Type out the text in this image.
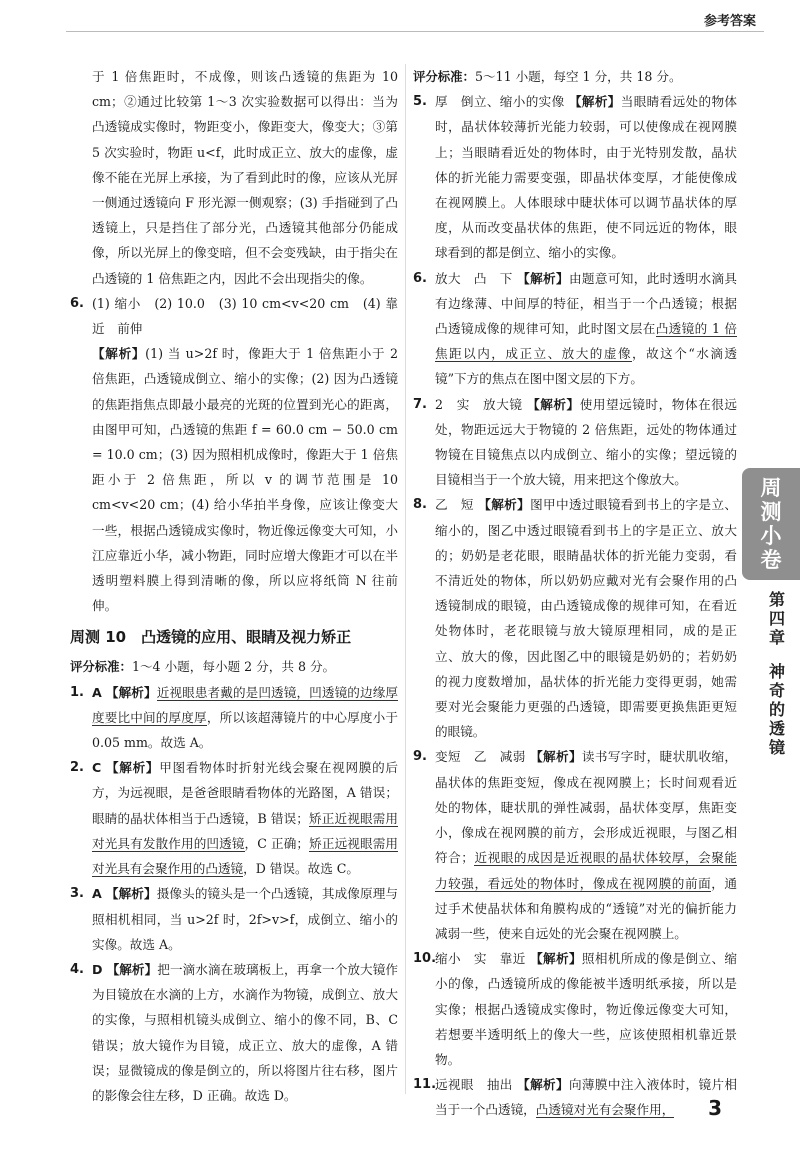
参考答案

于 1 倍焦距时，不成像，则该凸透镜的焦距为 10 cm；②通过比较第 1～3 次实验数据可以得出：当为凸透镜成实像时，物距变小，像距变大，像变大；③第 5 次实验时，物距 u<f，此时成正立、放大的虚像，虚像不能在光屏上承接，为了看到此时的像，应该从光屏一侧通过透镜向 F 形光源一侧观察；(3) 手指碰到了凸透镜上，只是挡住了部分光，凸透镜其他部分仍能成像，所以光屏上的像变暗，但不会变残缺，由于指尖在凸透镜的 1 倍焦距之内，因此不会出现指尖的像。

6. (1) 缩小　(2) 10.0　(3) 10 cm<v<20 cm　(4) 靠近　前伸
【解析】(1) 当 u>2f 时，像距大于 1 倍焦距小于 2 倍焦距，凸透镜成倒立、缩小的实像；(2) 因为凸透镜的焦距指焦点即最小最亮的光斑的位置到光心的距离，由图甲可知，凸透镜的焦距 f = 60.0 cm − 50.0 cm = 10.0 cm；(3) 因为照相机成像时，像距大于 1 倍焦距小于 2 倍焦距，所以 v 的调节范围是 10 cm<v<20 cm；(4) 给小华拍半身像，应该让像变大一些，根据凸透镜成实像时，物近像远像变大可知，小江应靠近小华，减小物距，同时应增大像距才可以在半透明塑料膜上得到清晰的像，所以应将纸筒 N 往前伸。
周测 10　凸透镜的应用、眼睛及视力矫正

评分标准：1～4 小题，每小题 2 分，共 8 分。

1. A 【解析】近视眼患者戴的是凹透镜，凹透镜的边缘厚度要比中间的厚度厚，所以该超薄镜片的中心厚度小于 0.05 mm。故选 A。
2. C 【解析】甲图看物体时折射光线会聚在视网膜的后方，为远视眼，是爸爸眼睛看物体的光路图，A 错误；眼睛的晶状体相当于凸透镜，B 错误；矫正近视眼需用对光具有发散作用的凹透镜，C 正确；矫正远视眼需用对光具有会聚作用的凸透镜，D 错误。故选 C。
3. A 【解析】摄像头的镜头是一个凸透镜，其成像原理与照相机相同，当 u>2f 时，2f>v>f，成倒立、缩小的实像。故选 A。
4. D 【解析】把一滴水滴在玻璃板上，再拿一个放大镜作为目镜放在水滴的上方，水滴作为物镜，成倒立、放大的实像，与照相机镜头成倒立、缩小的像不同，B、C 错误；放大镜作为目镜，成正立、放大的虚像，A 错误；显微镜成的像是倒立的，所以将图片往右移，图片的影像会往左移，D 正确。故选 D。

评分标准：5～11 小题，每空 1 分，共 18 分。

5. 厚　倒立、缩小的实像 【解析】当眼睛看远处的物体时，晶状体较薄折光能力较弱，可以使像成在视网膜上；当眼睛看近处的物体时，由于光特别发散，晶状体的折光能力需要变强，即晶状体变厚，才能使像成在视网膜上。人体眼球中睫状体可以调节晶状体的厚度，从而改变晶状体的焦距，使不同远近的物体，眼球看到的都是倒立、缩小的实像。
6. 放大　凸　下 【解析】由题意可知，此时透明水滴具有边缘薄、中间厚的特征，相当于一个凸透镜；根据凸透镜成像的规律可知，此时图文层在凸透镜的 1 倍焦距以内，成正立、放大的虚像，故这个“水滴透镜”下方的焦点在图中图文层的下方。
7. 2　实　放大镜 【解析】使用望远镜时，物体在很远处，物距远远大于物镜的 2 倍焦距，远处的物体通过物镜在目镜焦点以内成倒立、缩小的实像；望远镜的目镜相当于一个放大镜，用来把这个像放大。
8. 乙　短 【解析】图甲中透过眼镜看到书上的字是立、缩小的，图乙中透过眼镜看到书上的字是正立、放大的；奶奶是老花眼，眼睛晶状体的折光能力变弱，看不清近处的物体，所以奶奶应戴对光有会聚作用的凸透镜制成的眼镜，由凸透镜成像的规律可知，在看近处物体时，老花眼镜与放大镜原理相同，成的是正立、放大的像，因此图乙中的眼镜是奶奶的；若奶奶的视力度数增加，晶状体的折光能力变得更弱，她需要对光会聚能力更强的凸透镜，即需要更换焦距更短的眼镜。
9. 变短　乙　减弱 【解析】读书写字时，睫状肌收缩，晶状体的焦距变短，像成在视网膜上；长时间观看近处的物体，睫状肌的弹性减弱，晶状体变厚，焦距变小，像成在视网膜的前方，会形成近视眼，与图乙相符合；近视眼的成因是近视眼的晶状体较厚，会聚能力较强，看远处的物体时，像成在视网膜的前面，通过手术使晶状体和角膜构成的“透镜”对光的偏折能力减弱一些，使来自远处的光会聚在视网膜上。
10.
缩小　实　靠近 【解析】照相机所成的像是倒立、缩小的像，凸透镜所成的像能被半透明纸承接，所以是实像；根据凸透镜成实像时，物近像远像变大可知，若想要半透明纸上的像大一些，应该使照相机靠近景物。
11.
远视眼　抽出 【解析】向薄膜中注入液体时，镜片相当于一个凸透镜，凸透镜对光有会聚作用，
周
测
小
卷
第
四
章
神
奇
的
透
镜
3
